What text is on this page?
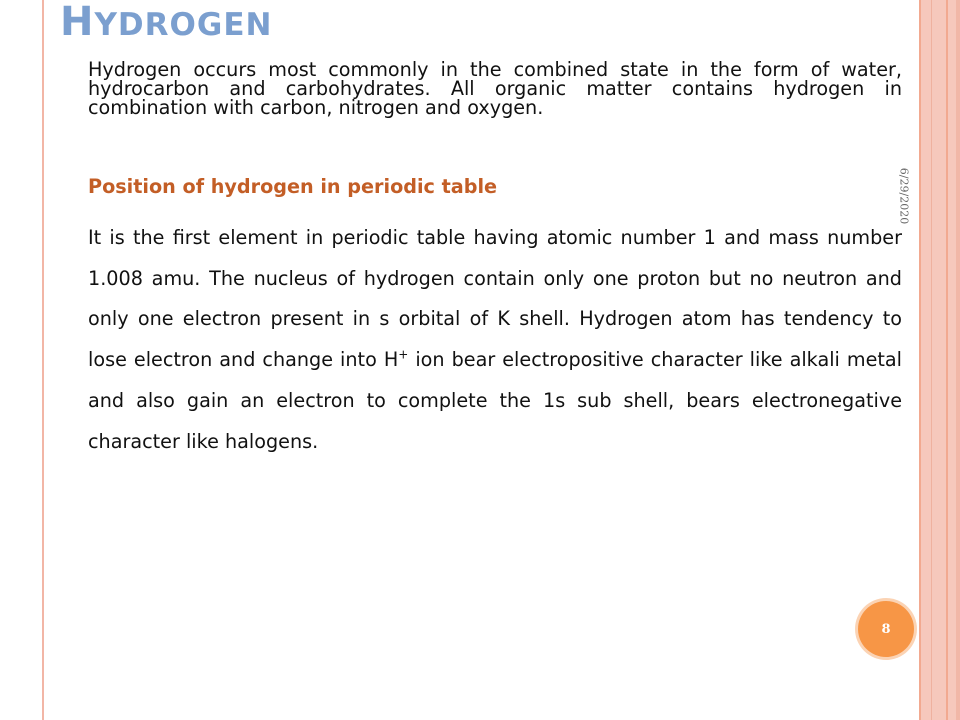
HYDROGEN

Hydrogen occurs most commonly in the combined state in the form of water, hydrocarbon and carbohydrates. All organic matter contains hydrogen in combination with carbon, nitrogen and oxygen.

Position of hydrogen in periodic table

It is the first element in periodic table having atomic number 1 and mass number 1.008 amu. The nucleus of hydrogen contain only one proton but no neutron and only one electron present in s orbital of K shell. Hydrogen atom has tendency to lose electron and change into H+ ion bear electropositive character like alkali metal and also gain an electron to complete the 1s sub shell, bears electronegative character like halogens.

6/29/2020
8
